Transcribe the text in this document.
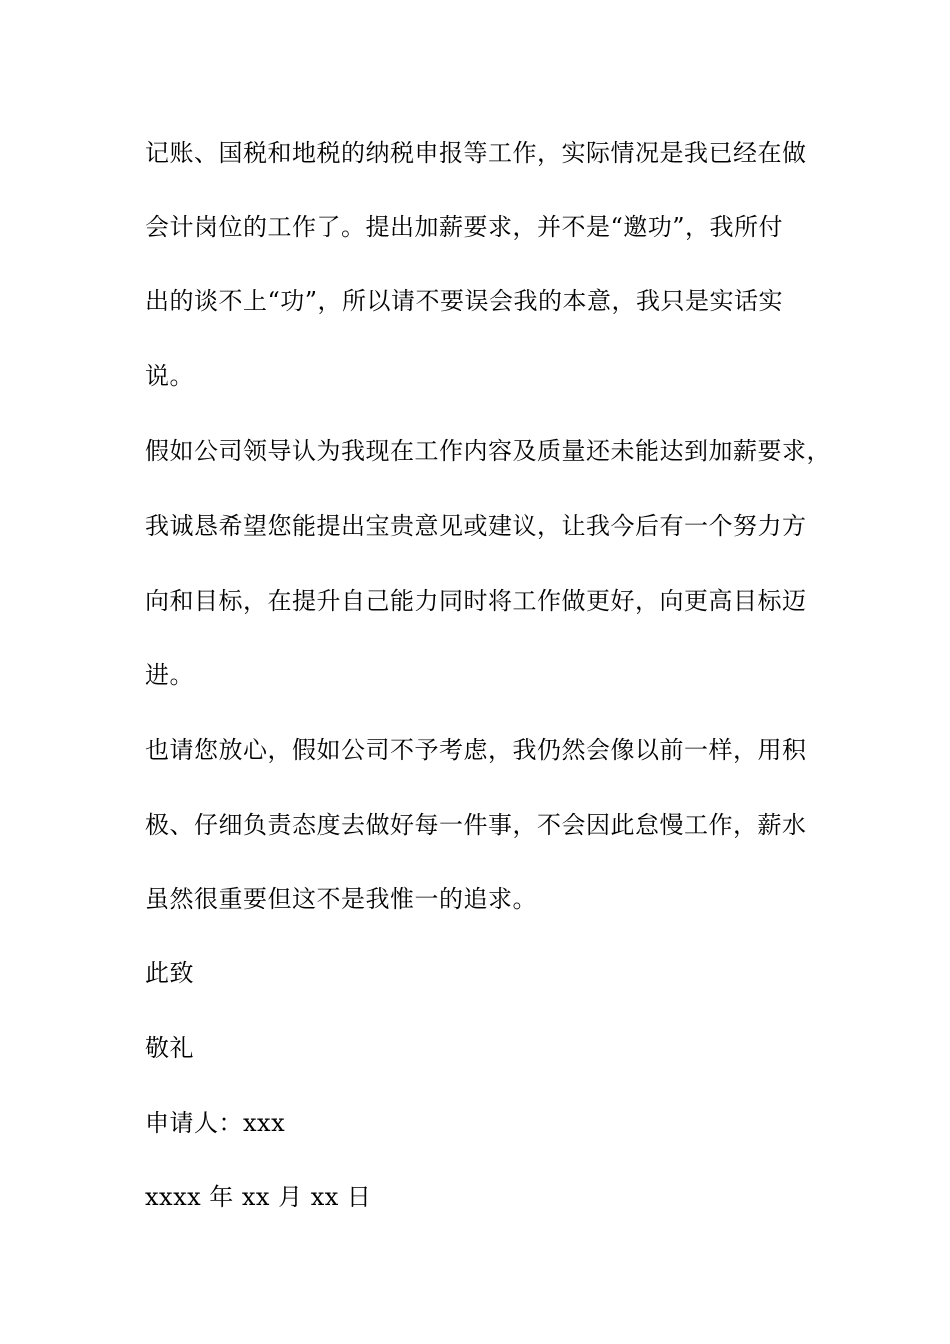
记账、国税和地税的纳税申报等工作，实际情况是我已经在做
会计岗位的工作了。提出加薪要求，并不是“邀功”，我所付
出的谈不上“功”，所以请不要误会我的本意，我只是实话实
说。
假如公司领导认为我现在工作内容及质量还未能达到加薪要求，
我诚恳希望您能提出宝贵意见或建议，让我今后有一个努力方
向和目标，在提升自己能力同时将工作做更好，向更高目标迈
进。
也请您放心，假如公司不予考虑，我仍然会像以前一样，用积
极、仔细负责态度去做好每一件事，不会因此怠慢工作，薪水
虽然很重要但这不是我惟一的追求。
此致
敬礼
申请人：xxx
xxxx 年 xx 月 xx 日
